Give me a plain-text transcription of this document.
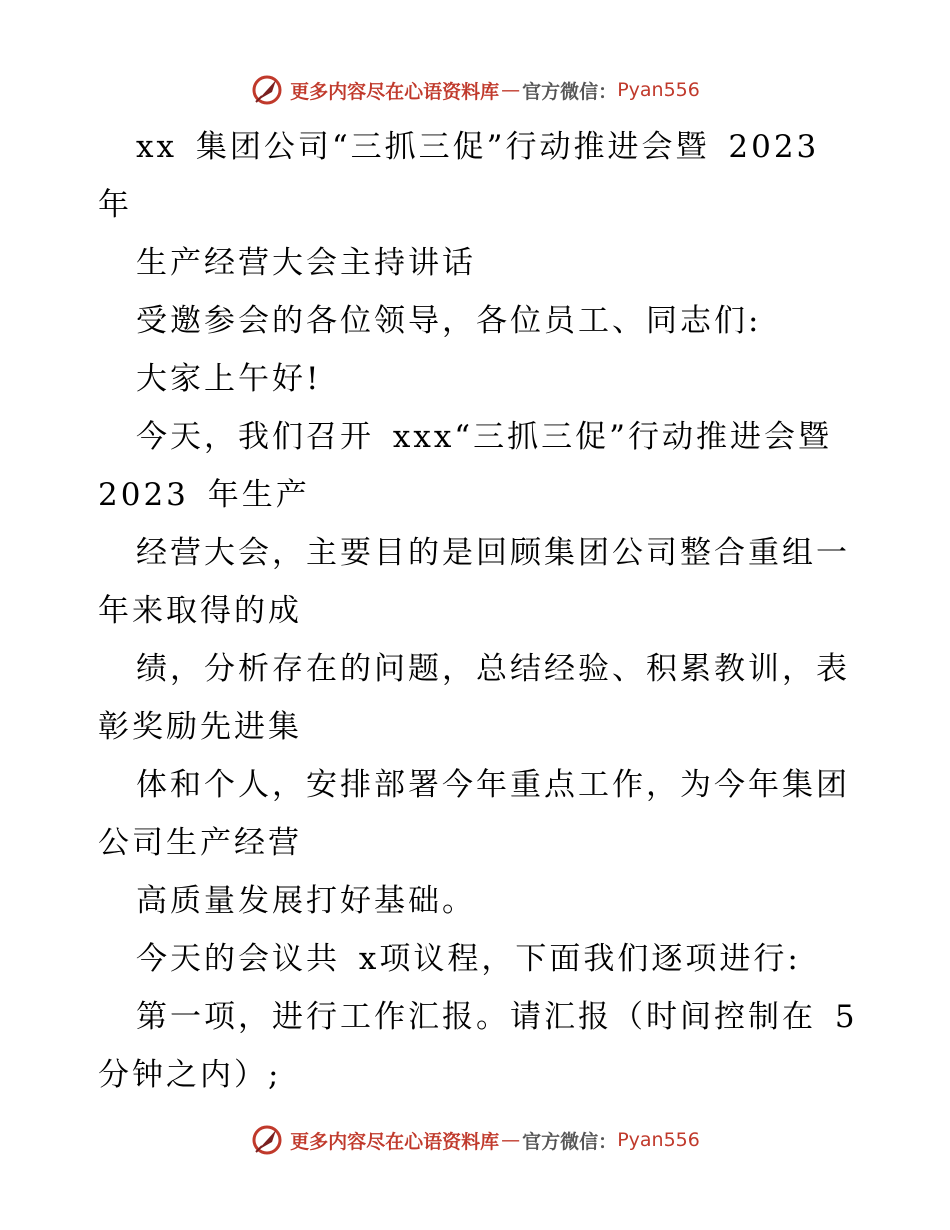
更多内容尽在心语资料库 — 官方微信： Pyan556
xx 集团公司“三抓三促”行动推进会暨 2023
年
生产经营大会主持讲话
受邀参会的各位领导，各位员工、同志们:
大家上午好!
今天，我们召开 xxx“三抓三促”行动推进会暨
2023 年生产
经营大会，主要目的是回顾集团公司整合重组一
年来取得的成
绩，分析存在的问题，总结经验、积累教训，表
彰奖励先进集
体和个人，安排部署今年重点工作，为今年集团
公司生产经营
高质量发展打好基础。
今天的会议共 x项议程，下面我们逐项进行:
第一项，进行工作汇报。请汇报（时间控制在 5
分钟之内）;
更多内容尽在心语资料库 — 官方微信： Pyan556
